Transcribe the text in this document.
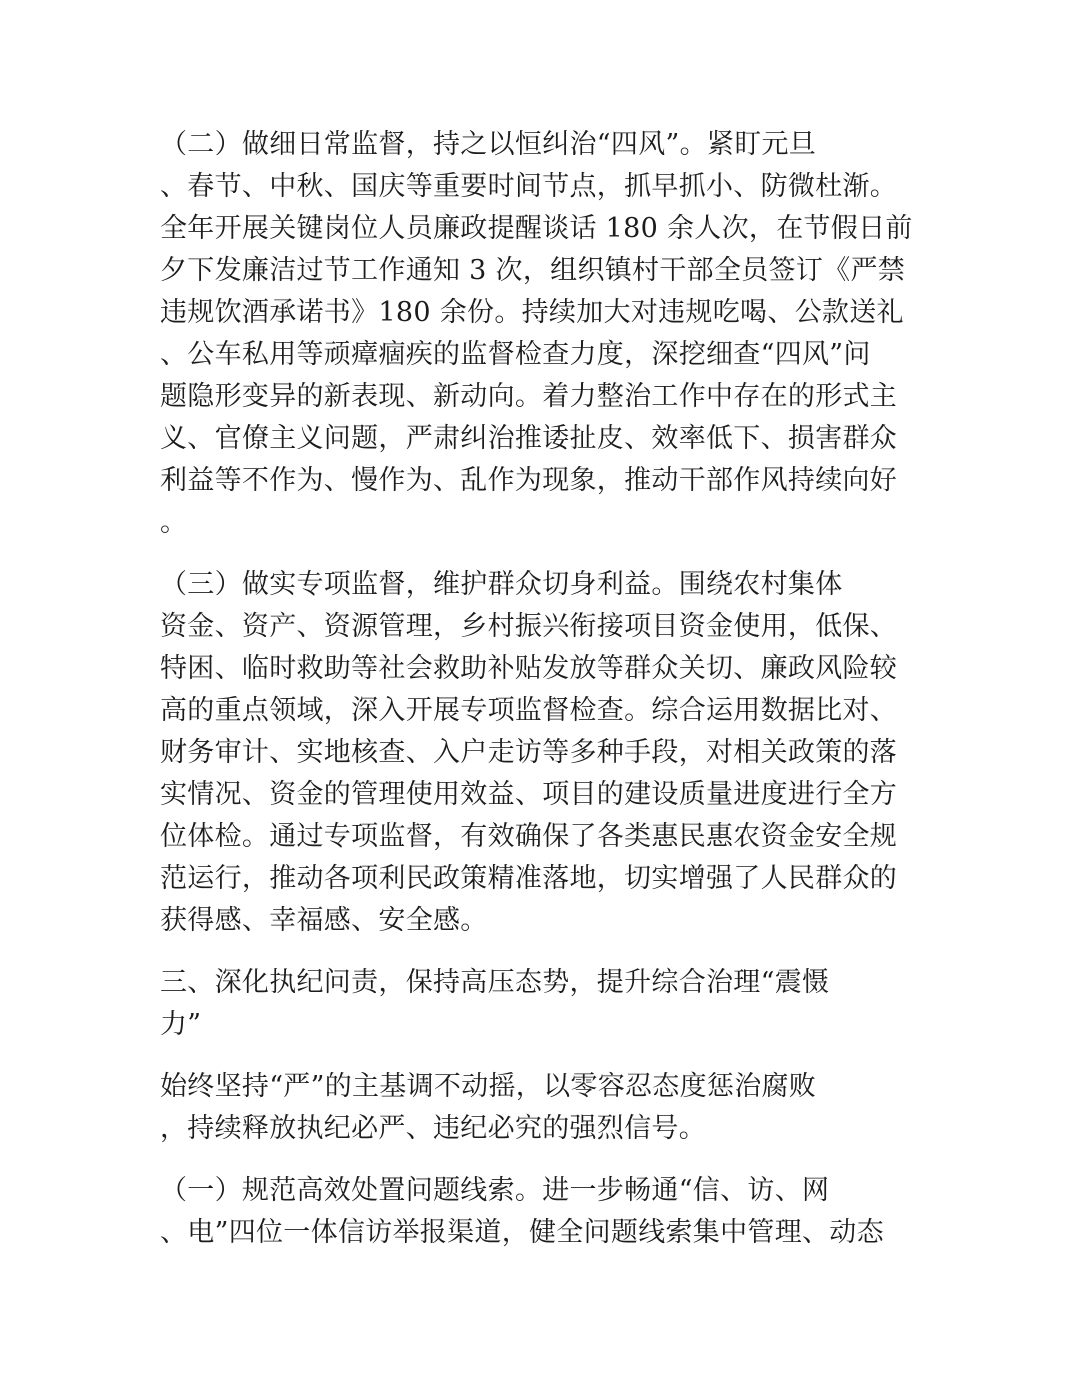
（二）做细日常监督，持之以恒纠治“四风”。紧盯元旦
、春节、中秋、国庆等重要时间节点，抓早抓小、防微杜渐。
全年开展关键岗位人员廉政提醒谈话 180 余人次，在节假日前
夕下发廉洁过节工作通知 3 次，组织镇村干部全员签订《严禁
违规饮酒承诺书》180 余份。持续加大对违规吃喝、公款送礼
、公车私用等顽瘴痼疾的监督检查力度，深挖细查“四风”问
题隐形变异的新表现、新动向。着力整治工作中存在的形式主
义、官僚主义问题，严肃纠治推诿扯皮、效率低下、损害群众
利益等不作为、慢作为、乱作为现象，推动干部作风持续向好
。
（三）做实专项监督，维护群众切身利益。围绕农村集体
资金、资产、资源管理，乡村振兴衔接项目资金使用，低保、
特困、临时救助等社会救助补贴发放等群众关切、廉政风险较
高的重点领域，深入开展专项监督检查。综合运用数据比对、
财务审计、实地核查、入户走访等多种手段，对相关政策的落
实情况、资金的管理使用效益、项目的建设质量进度进行全方
位体检。通过专项监督，有效确保了各类惠民惠农资金安全规
范运行，推动各项利民政策精准落地，切实增强了人民群众的
获得感、幸福感、安全感。
三、深化执纪问责，保持高压态势，提升综合治理“震慑
力”
始终坚持“严”的主基调不动摇，以零容忍态度惩治腐败
，持续释放执纪必严、违纪必究的强烈信号。
（一）规范高效处置问题线索。进一步畅通“信、访、网
、电”四位一体信访举报渠道，健全问题线索集中管理、动态
